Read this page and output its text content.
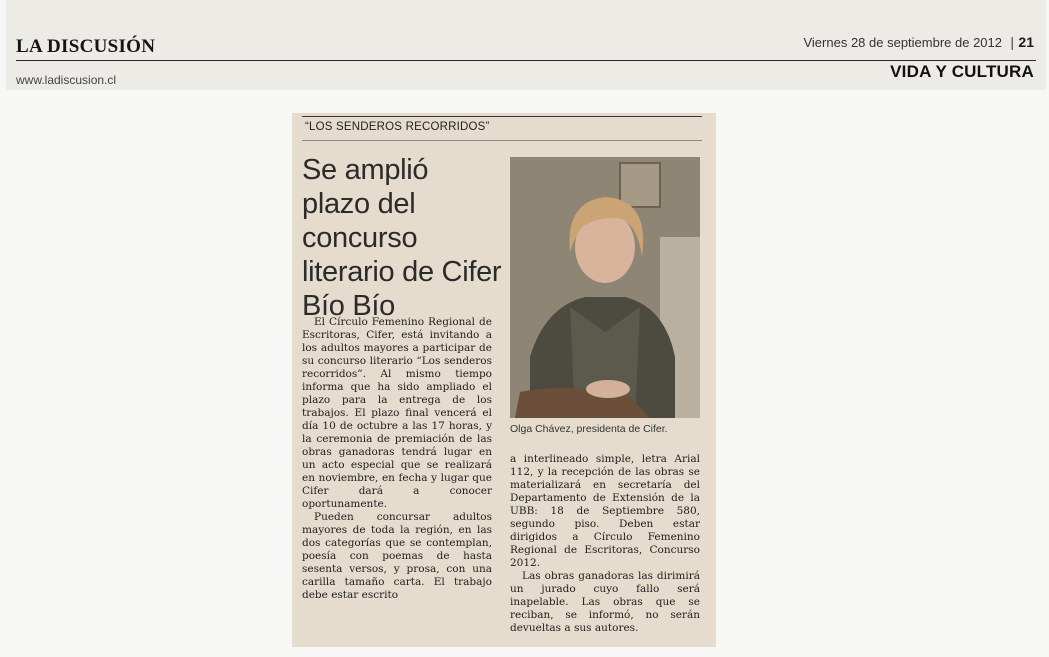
LA DISCUSIÓN	Viernes 28 de septiembre de 2012 | 21
www.ladiscusion.cl	VIDA Y CULTURA
“LOS SENDEROS RECORRIDOS”
Se amplió plazo del concurso literario de Cifer Bío Bío
Olga Chávez, presidenta de Cifer.

El Círculo Femenino Regional de Escritoras, Cifer, está invitando a los adultos mayores a participar de su concurso literario “Los senderos recorridos”. Al mismo tiempo informa que ha sido ampliado el plazo para la entrega de los trabajos. El plazo final vencerá el día 10 de octubre a las 17 horas, y la ceremonia de premiación de las obras ganadoras tendrá lugar en un acto especial que se realizará en noviembre, en fecha y lugar que Cifer dará a conocer oportunamente.

Pueden concursar adultos mayores de toda la región, en las dos categorías que se contemplan, poesía con poemas de hasta sesenta versos, y prosa, con una carilla tamaño carta. El trabajo debe estar escrito

a interlineado simple, letra Arial 112, y la recepción de las obras se materializará en secretaría del Departamento de Extensión de la UBB: 18 de Septiembre 580, segundo piso. Deben estar dirigidos a Círculo Femenino Regional de Escritoras, Concurso 2012.

Las obras ganadoras las dirimirá un jurado cuyo fallo será inapelable. Las obras que se reciban, se informó, no serán devueltas a sus autores.
